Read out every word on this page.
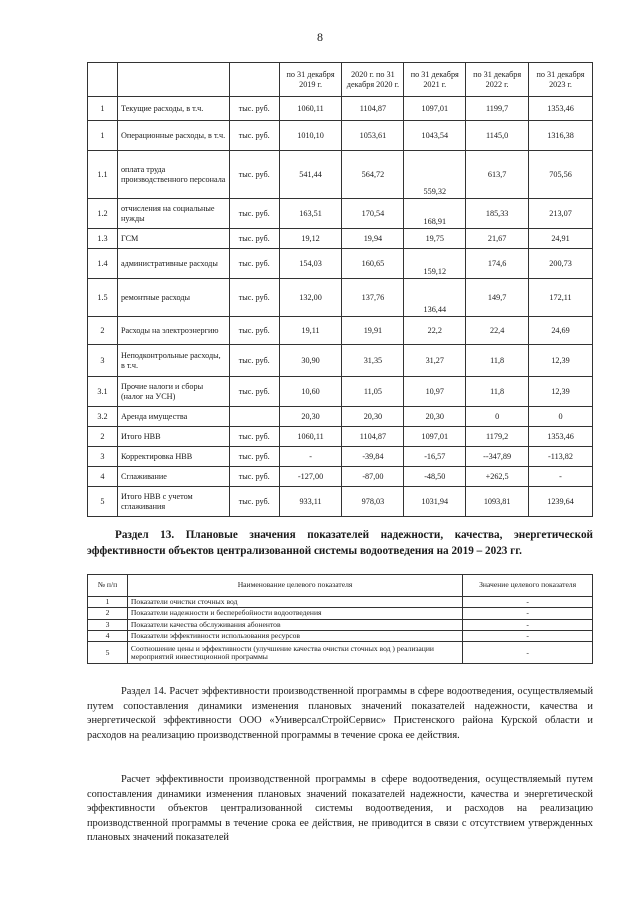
8
			по 31 декабря 2019 г.	2020 г. по 31 декабря 2020 г.	по 31 декабря 2021 г.	по 31 декабря 2022 г.	по 31 декабря 2023 г.
1	Текущие расходы, в т.ч.	тыс. руб.	1060,11	1104,87	1097,01	1199,7	1353,46
1	Операционные расходы, в т.ч.	тыс. руб.	1010,10	1053,61	1043,54	1145,0	1316,38
1.1	оплата труда производственного персонала	тыс. руб.	541,44	564,72	559,32	613,7	705,56
1.2	отчисления на социальные нужды	тыс. руб.	163,51	170,54	168,91	185,33	213,07
1.3	ГСМ	тыс. руб.	19,12	19,94	19,75	21,67	24,91
1.4	административные расходы	тыс. руб.	154,03	160,65	159,12	174,6	200,73
1.5	ремонтные расходы	тыс. руб.	132,00	137,76	136,44	149,7	172,11
2	Расходы на электроэнергию	тыс. руб.	19,11	19,91	22,2	22,4	24,69
3	Неподконтрольные расходы, в т.ч.	тыс. руб.	30,90	31,35	31,27	11,8	12,39
3.1	Прочие налоги и сборы (налог на УСН)	тыс. руб.	10,60	11,05	10,97	11,8	12,39
3.2	Аренда имущества		20,30	20,30	20,30	0	0
2	Итого НВВ	тыс. руб.	1060,11	1104,87	1097,01	1179,2	1353,46
3	Корректировка НВВ	тыс. руб.	-	-39,84	-16,57	--347,89	-113,82
4	Сглаживание	тыс. руб.	-127,00	-87,00	-48,50	+262,5	-
5	Итого НВВ с учетом сглаживания	тыс. руб.	933,11	978,03	1031,94	1093,81	1239,64

Раздел 13. Плановые значения показателей надежности, качества, энергетической эффективности объектов централизованной системы водоотведения на 2019 – 2023 гг.

№ п/п	Наименование целевого показателя	Значение целевого показателя
1	Показатели очистки сточных вод	-
2	Показатели надежности и бесперебойности водоотведения	-
3	Показатели качества обслуживания абонентов	-
4	Показатели эффективности использования ресурсов	-
5	Соотношение цены и эффективности (улучшение качества очистки сточных вод ) реализации мероприятий инвестиционной программы	-

Раздел 14. Расчет эффективности производственной программы в сфере водоотведения, осуществляемый путем сопоставления динамики изменения плановых значений показателей надежности, качества и энергетической эффективности ООО «УниверсалСтройСервис» Пристенского района Курской области и расходов на реализацию производственной программы в течение срока ее действия.

Расчет эффективности производственной программы в сфере водоотведения, осуществляемый путем сопоставления динамики изменения плановых значений показателей надежности, качества и энергетической эффективности объектов централизованной системы водоотведения, и расходов на реализацию производственной программы в течение срока ее действия, не приводится в связи с отсутствием утвержденных плановых значений показателей
